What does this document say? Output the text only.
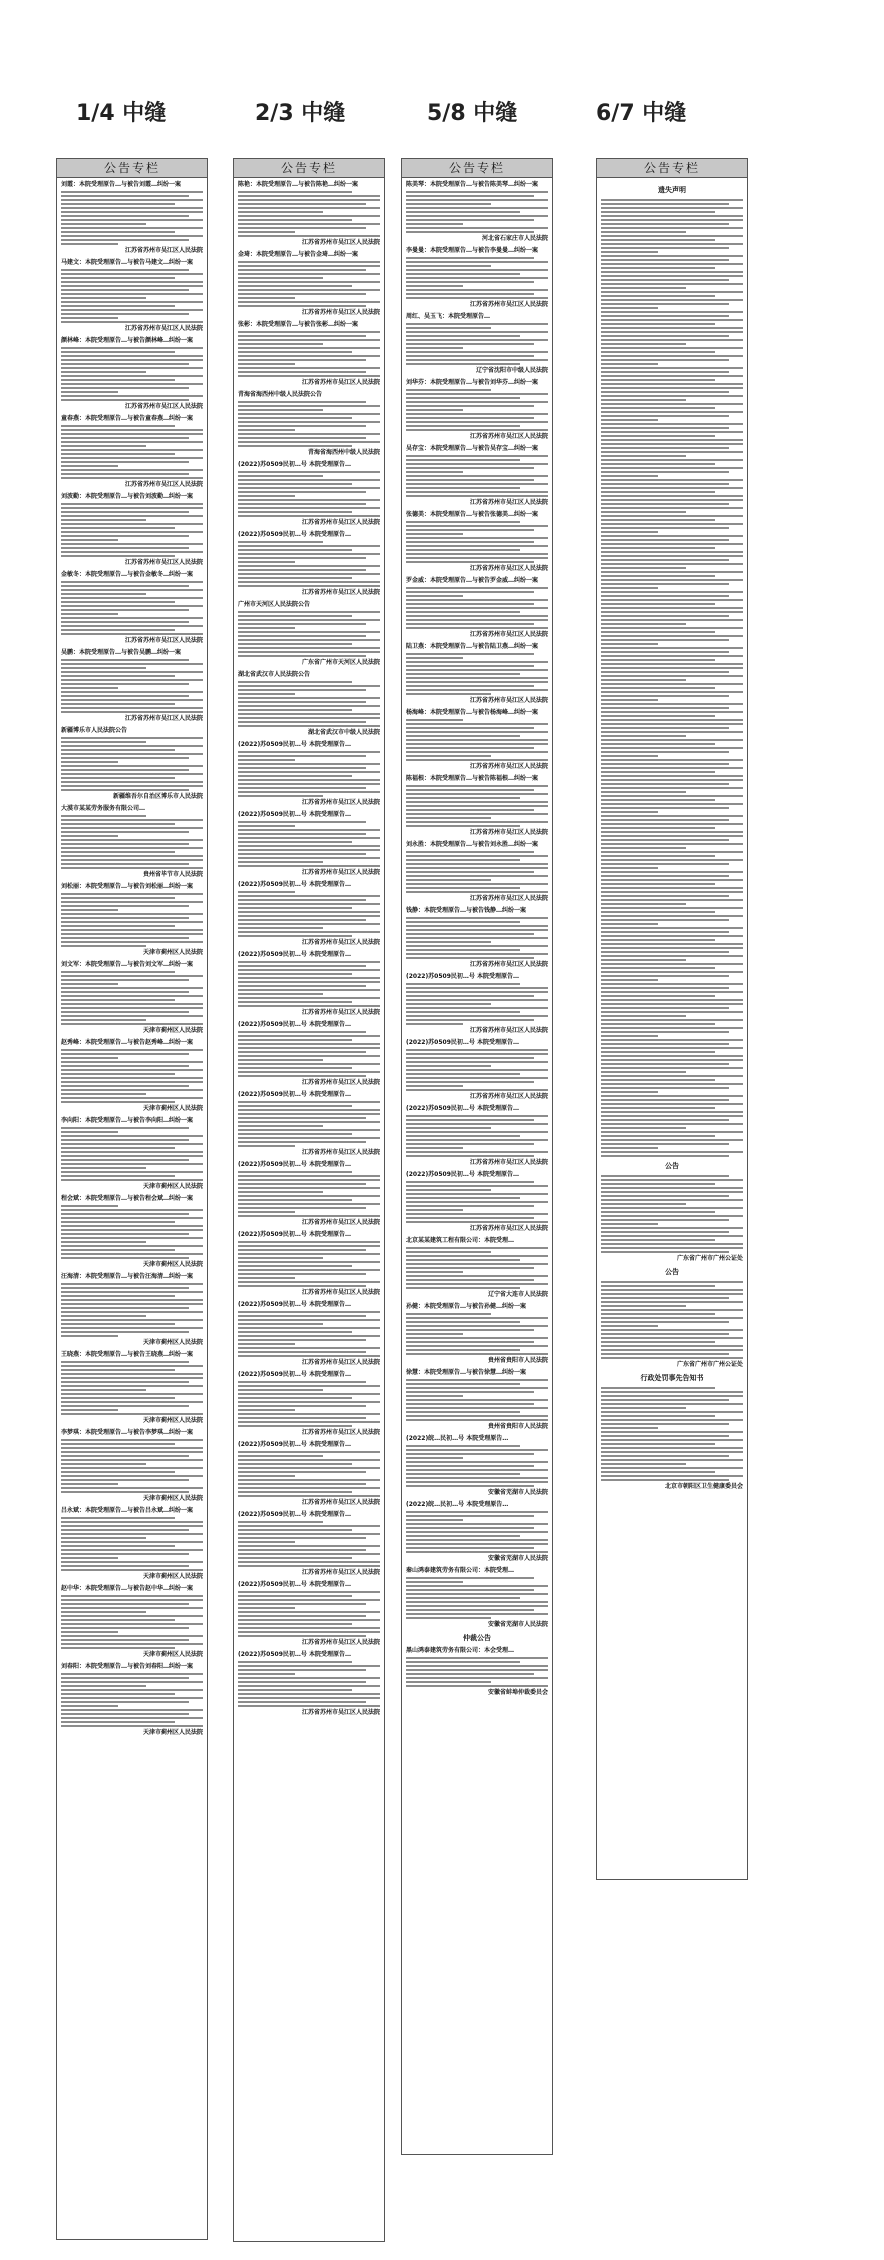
1/4 中缝
公告专栏
刘霞：本院受理原告…与被告刘霞…纠纷一案
江苏省苏州市吴江区人民法院
马建文：本院受理原告…与被告马建文…纠纷一案
江苏省苏州市吴江区人民法院
颜林峰：本院受理原告…与被告颜林峰…纠纷一案
江苏省苏州市吴江区人民法院
童春燕：本院受理原告…与被告童春燕…纠纷一案
江苏省苏州市吴江区人民法院
刘波勤：本院受理原告…与被告刘波勤…纠纷一案
江苏省苏州市吴江区人民法院
金敏冬：本院受理原告…与被告金敏冬…纠纷一案
江苏省苏州市吴江区人民法院
吴鹏：本院受理原告…与被告吴鹏…纠纷一案
江苏省苏州市吴江区人民法院
新疆博乐市人民法院公告
新疆维吾尔自治区博乐市人民法院
大漠市某某劳务服务有限公司…
贵州省毕节市人民法院
刘松丽：本院受理原告…与被告刘松丽…纠纷一案
天津市蓟州区人民法院
刘文军：本院受理原告…与被告刘文军…纠纷一案
天津市蓟州区人民法院
赵秀峰：本院受理原告…与被告赵秀峰…纠纷一案
天津市蓟州区人民法院
李向阳：本院受理原告…与被告李向阳…纠纷一案
天津市蓟州区人民法院
程会斌：本院受理原告…与被告程会斌…纠纷一案
天津市蓟州区人民法院
汪海清：本院受理原告…与被告汪海清…纠纷一案
天津市蓟州区人民法院
王晓燕：本院受理原告…与被告王晓燕…纠纷一案
天津市蓟州区人民法院
李梦琪：本院受理原告…与被告李梦琪…纠纷一案
天津市蓟州区人民法院
吕永斌：本院受理原告…与被告吕永斌…纠纷一案
天津市蓟州区人民法院
赵中华：本院受理原告…与被告赵中华…纠纷一案
天津市蓟州区人民法院
刘春阳：本院受理原告…与被告刘春阳…纠纷一案
天津市蓟州区人民法院
2/3 中缝
公告专栏
陈艳：本院受理原告…与被告陈艳…纠纷一案
江苏省苏州市吴江区人民法院
金琦：本院受理原告…与被告金琦…纠纷一案
江苏省苏州市吴江区人民法院
张彬：本院受理原告…与被告张彬…纠纷一案
江苏省苏州市吴江区人民法院
青海省海西州中级人民法院公告
青海省海西州中级人民法院
(2022)苏0509民初…号 本院受理原告…
江苏省苏州市吴江区人民法院
(2022)苏0509民初…号 本院受理原告…
江苏省苏州市吴江区人民法院
广州市天河区人民法院公告
广东省广州市天河区人民法院
湖北省武汉市人民法院公告
湖北省武汉市中级人民法院
(2022)苏0509民初…号 本院受理原告…
江苏省苏州市吴江区人民法院
(2022)苏0509民初…号 本院受理原告…
江苏省苏州市吴江区人民法院
(2022)苏0509民初…号 本院受理原告…
江苏省苏州市吴江区人民法院
(2022)苏0509民初…号 本院受理原告…
江苏省苏州市吴江区人民法院
(2022)苏0509民初…号 本院受理原告…
江苏省苏州市吴江区人民法院
(2022)苏0509民初…号 本院受理原告…
江苏省苏州市吴江区人民法院
(2022)苏0509民初…号 本院受理原告…
江苏省苏州市吴江区人民法院
(2022)苏0509民初…号 本院受理原告…
江苏省苏州市吴江区人民法院
(2022)苏0509民初…号 本院受理原告…
江苏省苏州市吴江区人民法院
(2022)苏0509民初…号 本院受理原告…
江苏省苏州市吴江区人民法院
(2022)苏0509民初…号 本院受理原告…
江苏省苏州市吴江区人民法院
(2022)苏0509民初…号 本院受理原告…
江苏省苏州市吴江区人民法院
(2022)苏0509民初…号 本院受理原告…
江苏省苏州市吴江区人民法院
(2022)苏0509民初…号 本院受理原告…
江苏省苏州市吴江区人民法院
5/8 中缝
公告专栏
陈美琴：本院受理原告…与被告陈美琴…纠纷一案
河北省石家庄市人民法院
李曼曼：本院受理原告…与被告李曼曼…纠纷一案
江苏省苏州市吴江区人民法院
周红、吴玉飞：本院受理原告…
辽宁省沈阳市中级人民法院
刘华芬：本院受理原告…与被告刘华芬…纠纷一案
江苏省苏州市吴江区人民法院
吴存宝：本院受理原告…与被告吴存宝…纠纷一案
江苏省苏州市吴江区人民法院
张德美：本院受理原告…与被告张德美…纠纷一案
江苏省苏州市吴江区人民法院
罗金威：本院受理原告…与被告罗金威…纠纷一案
江苏省苏州市吴江区人民法院
陆卫燕：本院受理原告…与被告陆卫燕…纠纷一案
江苏省苏州市吴江区人民法院
杨海峰：本院受理原告…与被告杨海峰…纠纷一案
江苏省苏州市吴江区人民法院
陈福根：本院受理原告…与被告陈福根…纠纷一案
江苏省苏州市吴江区人民法院
刘永胜：本院受理原告…与被告刘永胜…纠纷一案
江苏省苏州市吴江区人民法院
钱静：本院受理原告…与被告钱静…纠纷一案
江苏省苏州市吴江区人民法院
(2022)苏0509民初…号 本院受理原告…
江苏省苏州市吴江区人民法院
(2022)苏0509民初…号 本院受理原告…
江苏省苏州市吴江区人民法院
(2022)苏0509民初…号 本院受理原告…
江苏省苏州市吴江区人民法院
(2022)苏0509民初…号 本院受理原告…
江苏省苏州市吴江区人民法院
北京某某建筑工程有限公司：本院受理…
辽宁省大连市人民法院
孙健：本院受理原告…与被告孙健…纠纷一案
贵州省贵阳市人民法院
徐慧：本院受理原告…与被告徐慧…纠纷一案
贵州省贵阳市人民法院
(2022)皖…民初…号 本院受理原告…
安徽省芜湖市人民法院
(2022)皖…民初…号 本院受理原告…
安徽省芜湖市人民法院
秦山鸿泰建筑劳务有限公司：本院受理…
安徽省芜湖市人民法院
仲裁公告
黑山鸿泰建筑劳务有限公司：本会受理…
安徽省蚌埠仲裁委员会
6/7 中缝
公告专栏
遗失声明
公告
广东省广州市广州公证处
公告
广东省广州市广州公证处
行政处罚事先告知书
北京市朝阳区卫生健康委员会
